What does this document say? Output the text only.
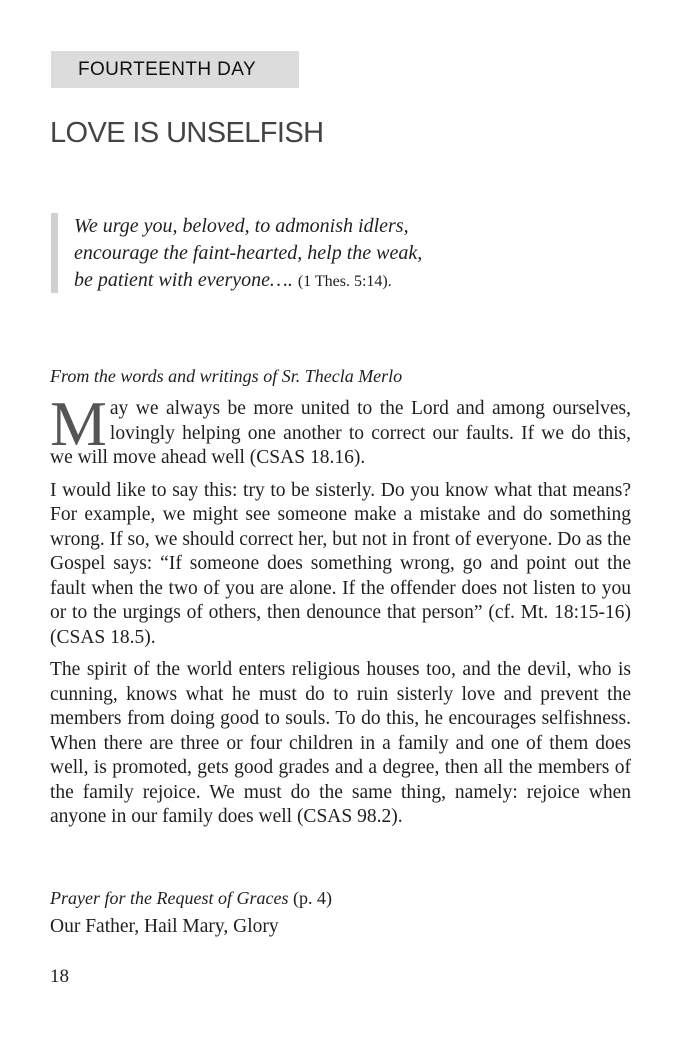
FOURTEENTH DAY
LOVE IS UNSELFISH
We urge you, beloved, to admonish idlers,
encourage the faint-hearted, help the weak,
be patient with everyone…. (1 Thes. 5:14).
From the words and writings of Sr. Thecla Merlo

May we always be more united to the Lord and among ourselves, lovingly helping one another to correct our faults. If we do this, we will move ahead well (CSAS 18.16).

I would like to say this: try to be sisterly. Do you know what that means? For example, we might see someone make a mistake and do something wrong. If so, we should correct her, but not in front of everyone. Do as the Gospel says: “If someone does something wrong, go and point out the fault when the two of you are alone. If the offender does not listen to you or to the urgings of others, then denounce that person” (cf. Mt. 18:15-16) (CSAS 18.5).

The spirit of the world enters religious houses too, and the devil, who is cunning, knows what he must do to ruin sisterly love and prevent the members from doing good to souls. To do this, he encourages selfishness. When there are three or four children in a family and one of them does well, is promoted, gets good grades and a degree, then all the members of the family rejoice. We must do the same thing, namely: rejoice when anyone in our family does well (CSAS 98.2).

Prayer for the Request of Graces (p. 4)
Our Father, Hail Mary, Glory
18
